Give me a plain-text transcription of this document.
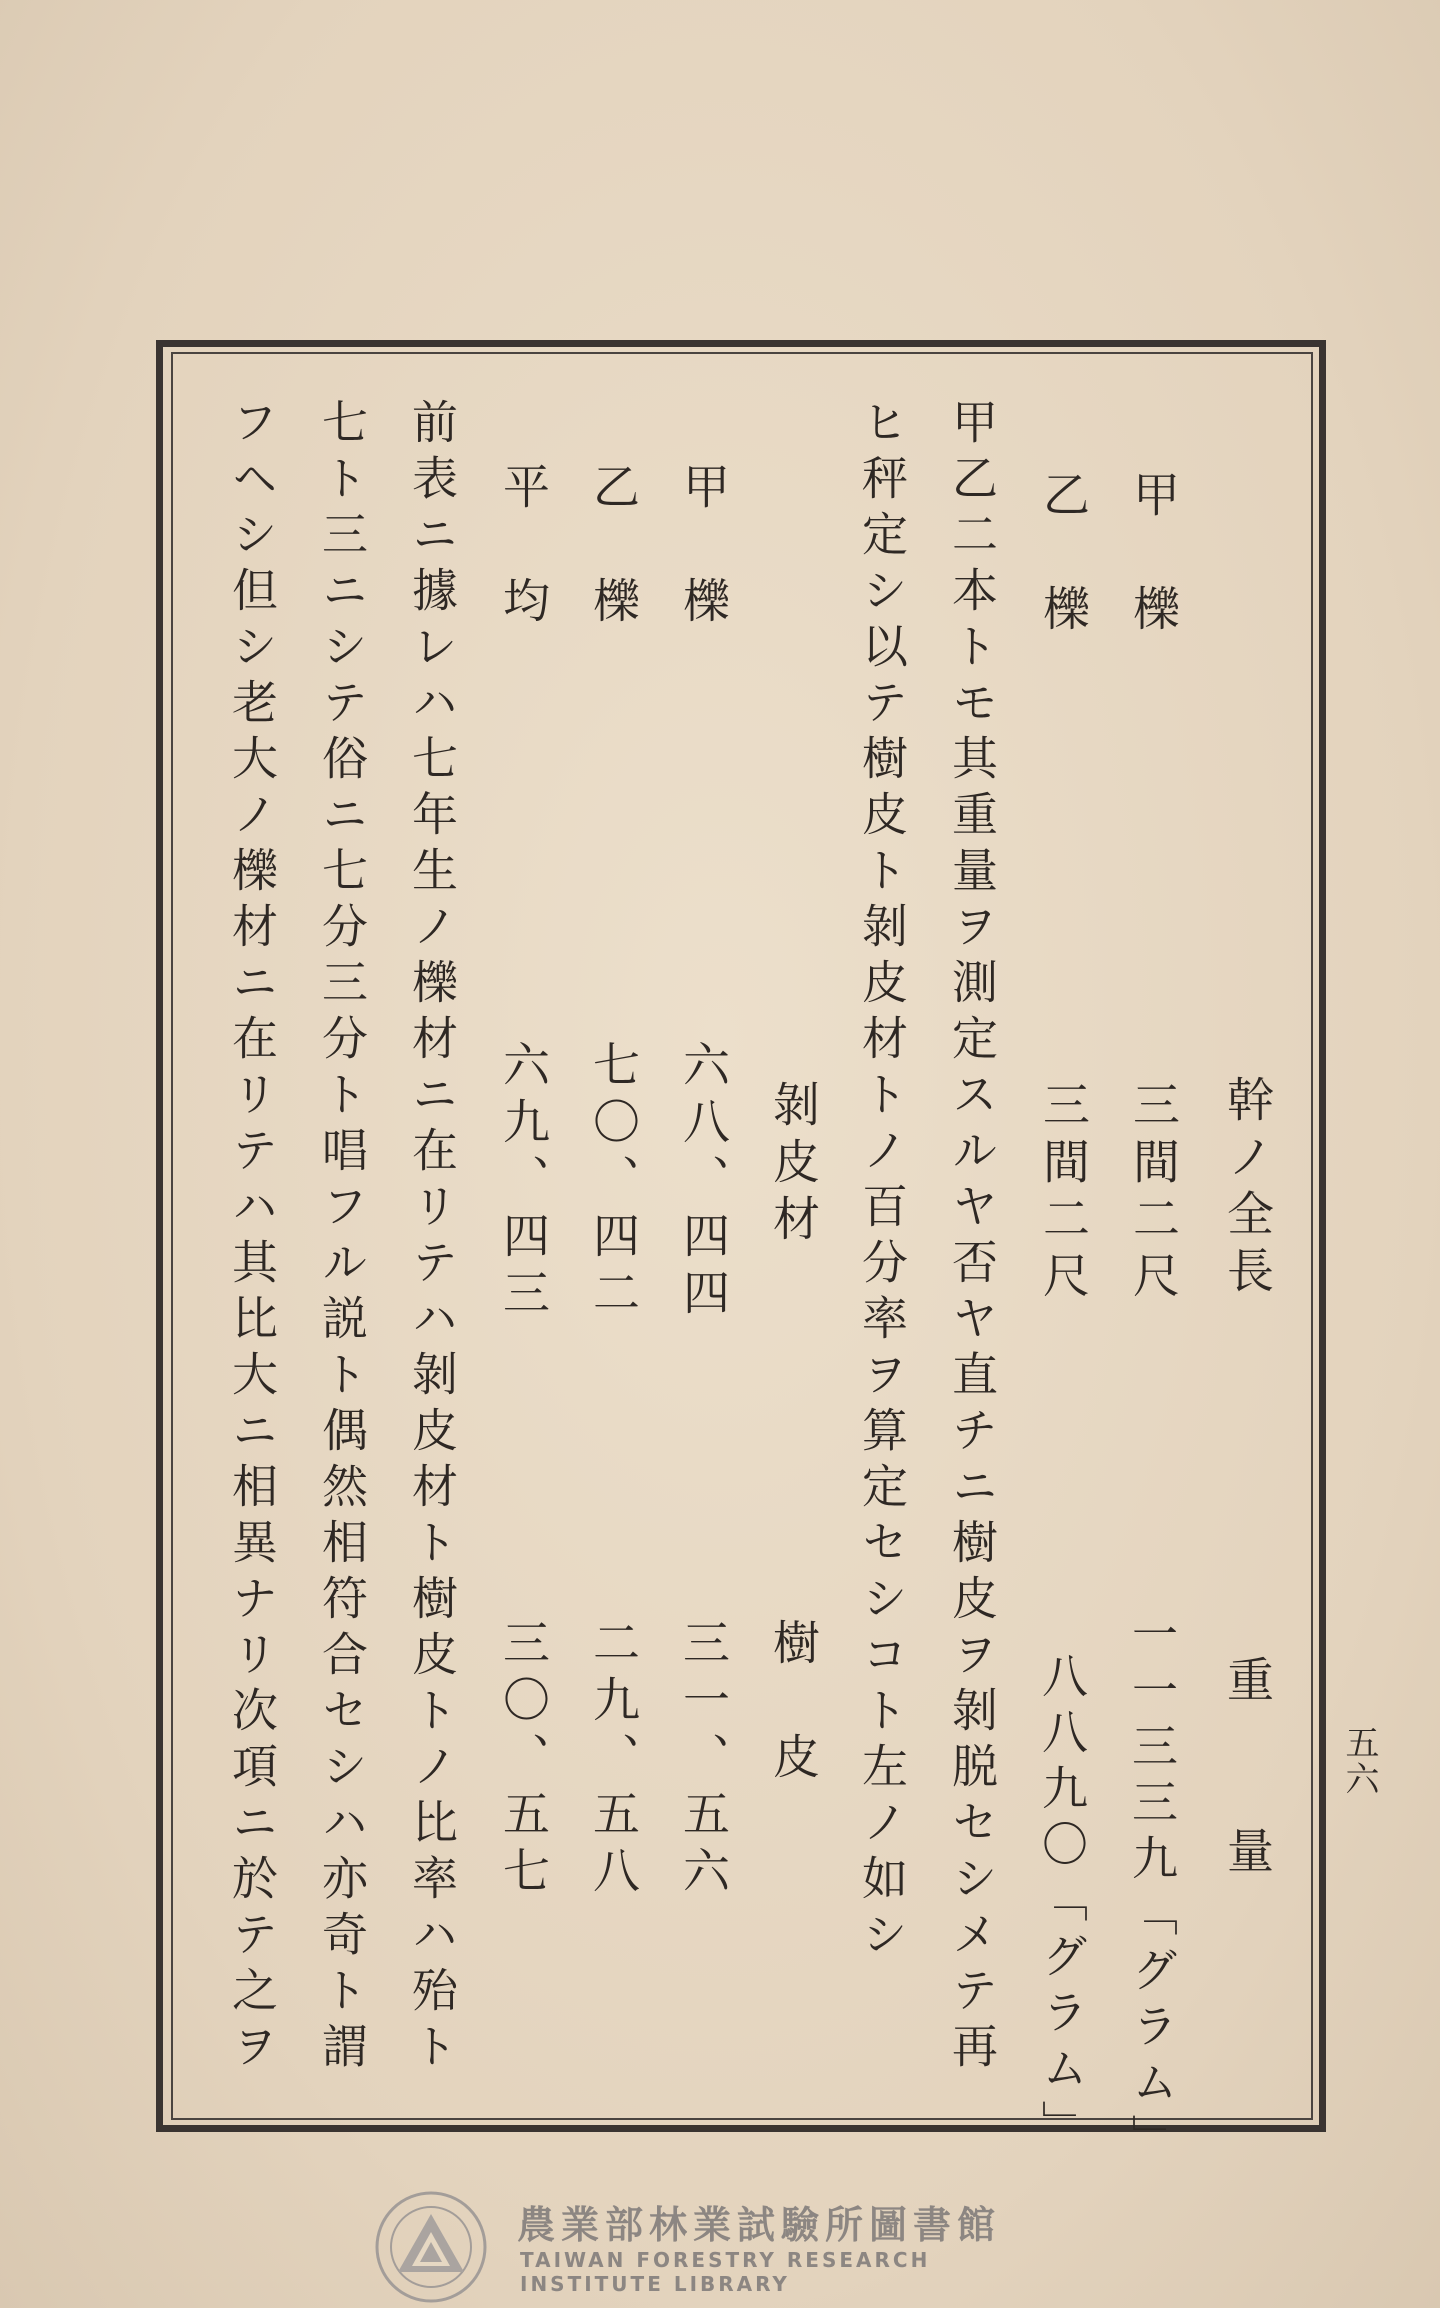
五六
幹ノ全長
重　　量
甲　櫟
三間二尺
一一三三九「グラム」
乙　櫟
三間二尺
八八九〇「グラム」
甲乙二本トモ其重量ヲ測定スルヤ否ヤ直チニ樹皮ヲ剝脱セシメテ再
ヒ秤定シ以テ樹皮ト剝皮材トノ百分率ヲ算定セシコト左ノ如シ
剝皮材
樹　皮
甲　櫟
六八、四四
三一、五六
乙　櫟
七〇、四二
二九、五八
平　均
六九、四三
三〇、五七
前表ニ據レハ七年生ノ櫟材ニ在リテハ剝皮材ト樹皮トノ比率ハ殆ト
七ト三ニシテ俗ニ七分三分ト唱フル説ト偶然相符合セシハ亦奇ト謂
フヘシ但シ老大ノ櫟材ニ在リテハ其比大ニ相異ナリ次項ニ於テ之ヲ
農業部林業試驗所圖書館
TAIWAN FORESTRY RESEARCH INSTITUTE LIBRARY
